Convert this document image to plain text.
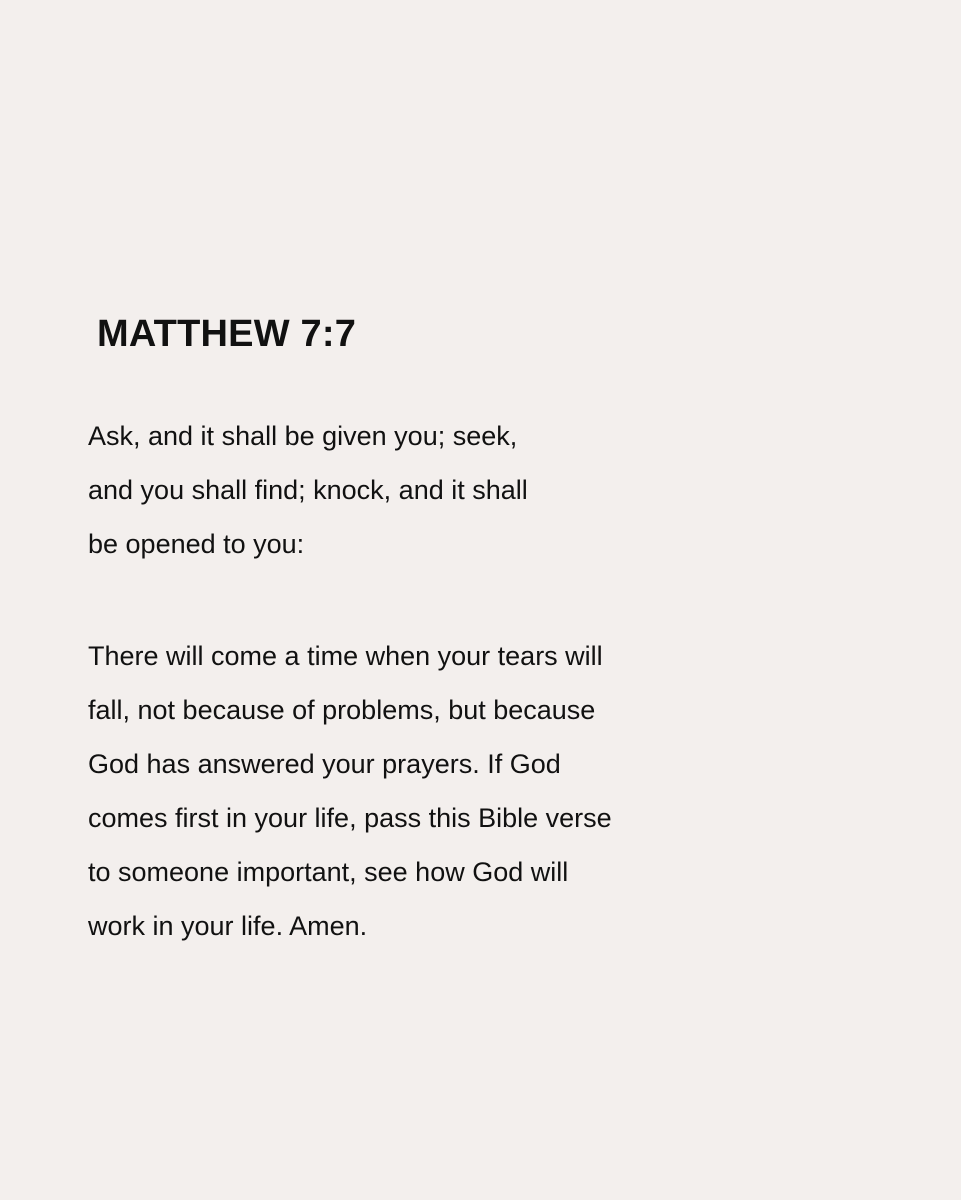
MATTHEW 7:7

Ask, and it shall be given you; seek,
and you shall find; knock, and it shall
be opened to you:

There will come a time when your tears will
fall, not because of problems, but because
God has answered your prayers. If God
comes first in your life, pass this Bible verse
to someone important, see how God will
work in your life. Amen.
